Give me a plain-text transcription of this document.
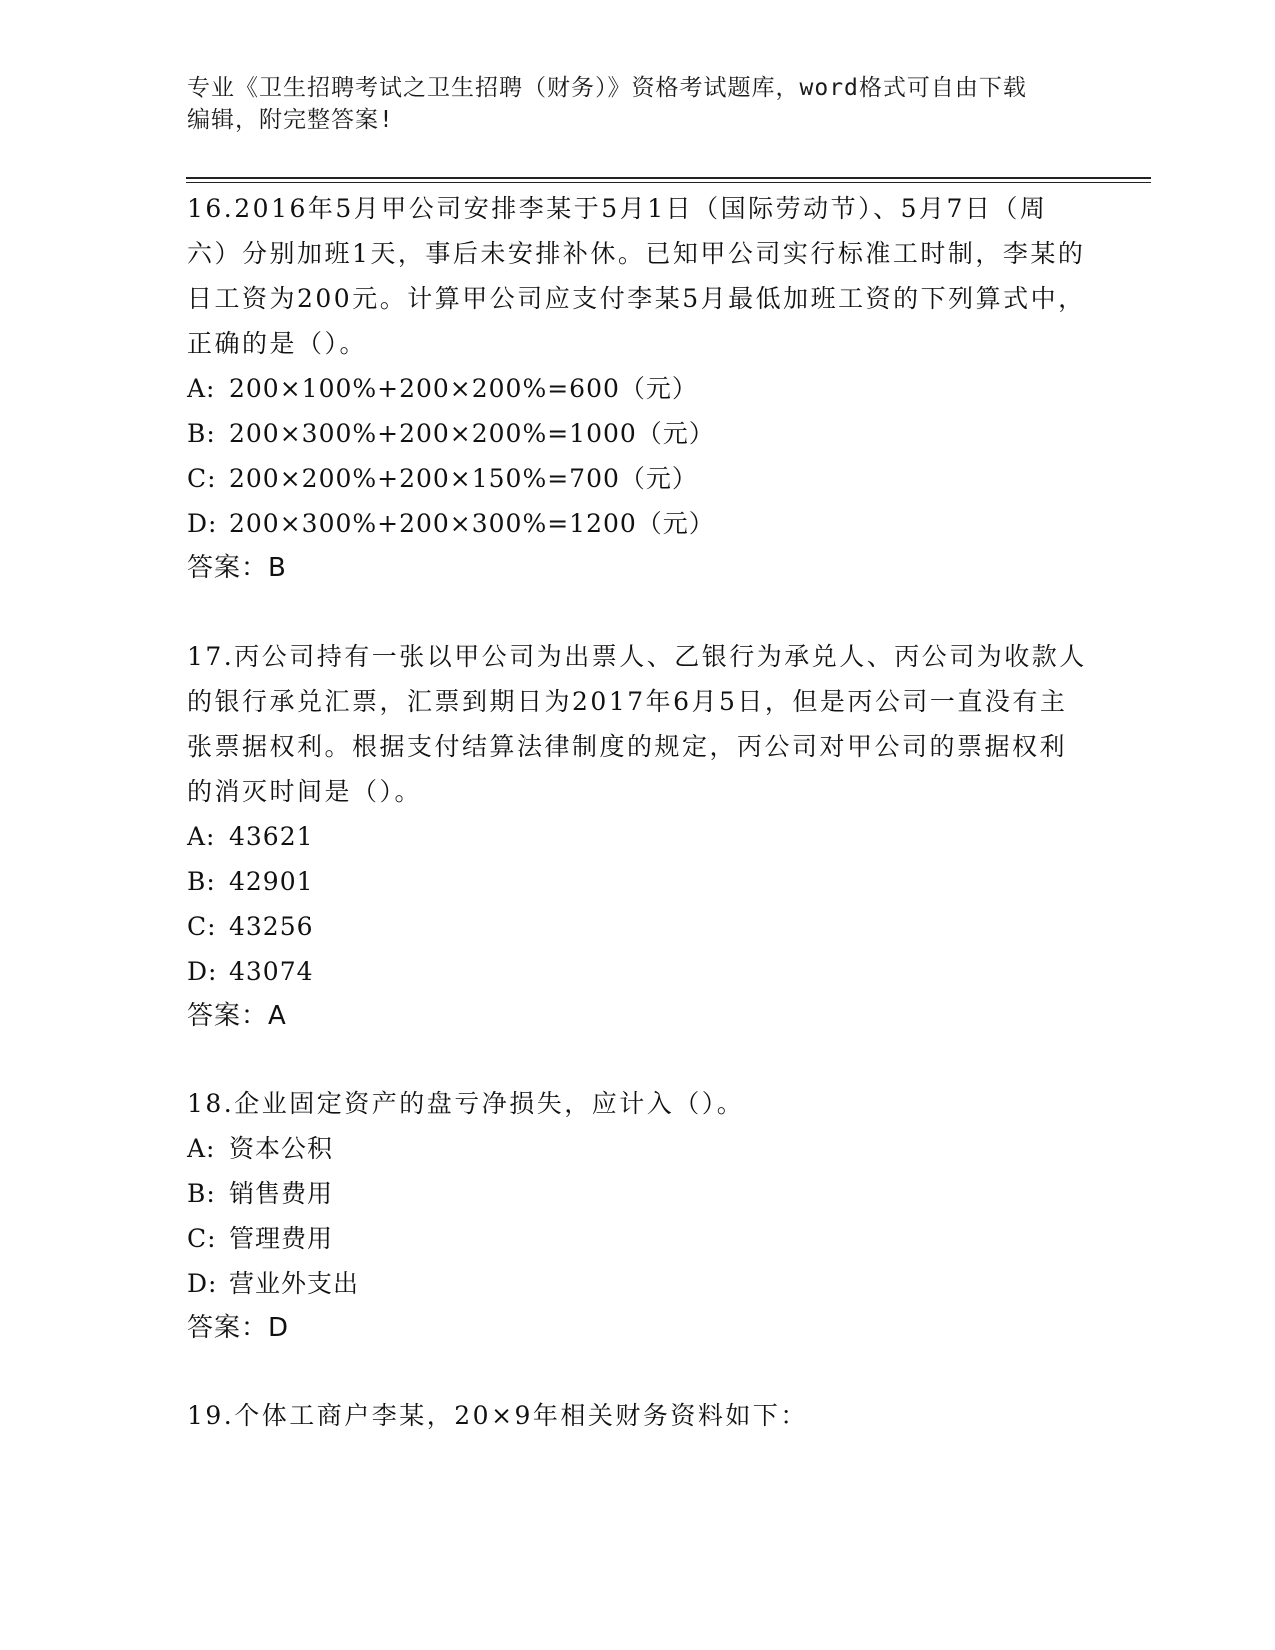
专业《卫生招聘考试之卫生招聘（财务）》资格考试题库，word格式可自由下载
编辑，附完整答案!

16.2016年5月甲公司安排李某于5月1日（国际劳动节）、5月7日（周六）分别加班1天，事后未安排补休。已知甲公司实行标准工时制，李某的日工资为200元。计算甲公司应支付李某5月最低加班工资的下列算式中，正确的是（）。

A: 200×100%+200×200%=600（元）

B: 200×300%+200×200%=1000（元）

C: 200×200%+200×150%=700（元）

D: 200×300%+200×300%=1200（元）

答案：B

17.丙公司持有一张以甲公司为出票人、乙银行为承兑人、丙公司为收款人的银行承兑汇票，汇票到期日为2017年6月5日，但是丙公司一直没有主张票据权利。根据支付结算法律制度的规定，丙公司对甲公司的票据权利的消灭时间是（）。

A: 43621

B: 42901

C: 43256

D: 43074

答案：A

18.企业固定资产的盘亏净损失，应计入（）。

A: 资本公积

B: 销售费用

C: 管理费用

D: 营业外支出

答案：D

19.个体工商户李某，20×9年相关财务资料如下：
